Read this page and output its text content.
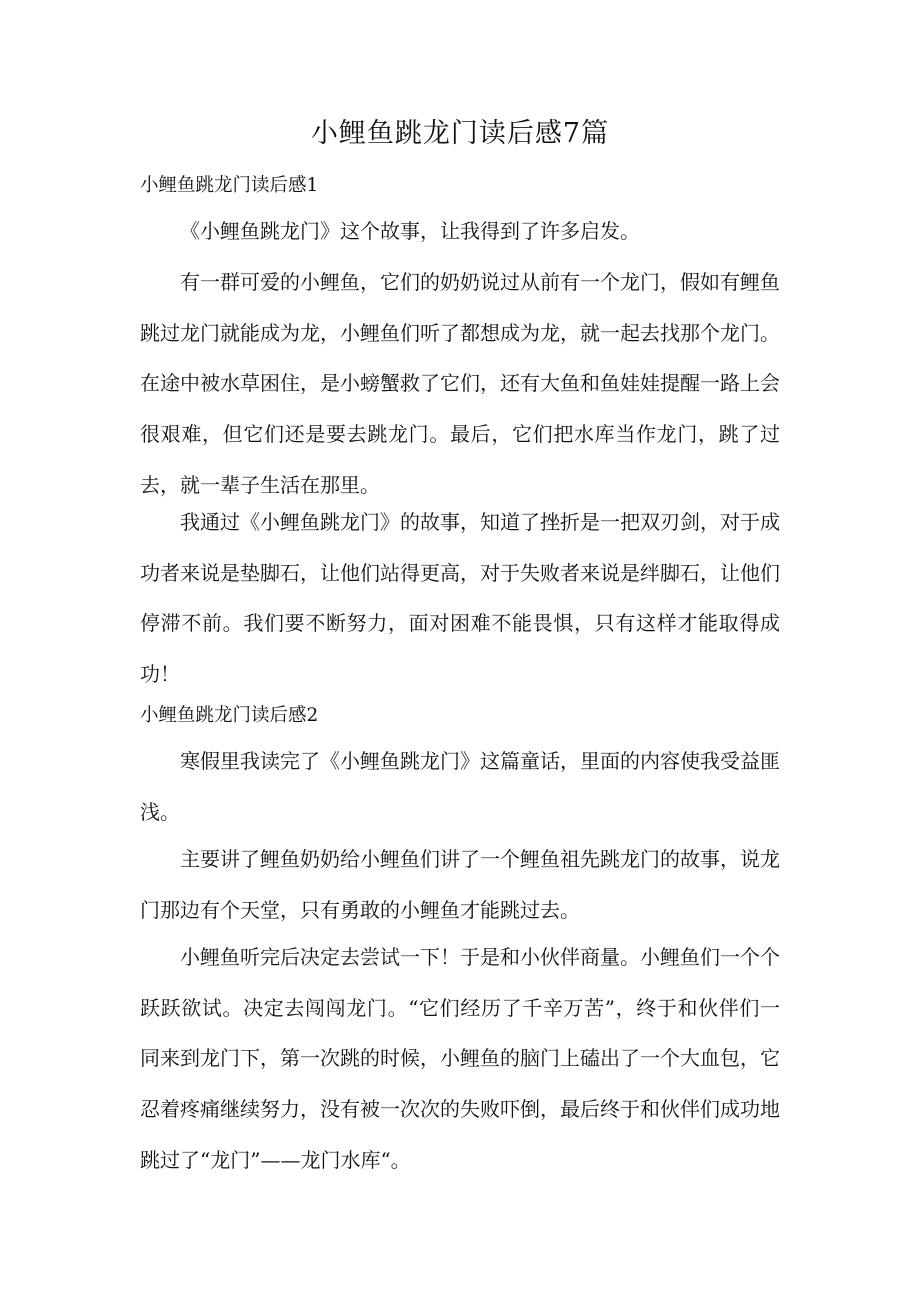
小鲤鱼跳龙门读后感7篇
小鲤鱼跳龙门读后感1

《小鲤鱼跳龙门》这个故事，让我得到了许多启发。

有一群可爱的小鲤鱼，它们的奶奶说过从前有一个龙门，假如有鲤鱼跳过龙门就能成为龙，小鲤鱼们听了都想成为龙，就一起去找那个龙门。在途中被水草困住，是小螃蟹救了它们，还有大鱼和鱼娃娃提醒一路上会很艰难，但它们还是要去跳龙门。最后，它们把水库当作龙门，跳了过去，就一辈子生活在那里。

我通过《小鲤鱼跳龙门》的故事，知道了挫折是一把双刃剑，对于成功者来说是垫脚石，让他们站得更高，对于失败者来说是绊脚石，让他们停滞不前。我们要不断努力，面对困难不能畏惧，只有这样才能取得成功！

小鲤鱼跳龙门读后感2

寒假里我读完了《小鲤鱼跳龙门》这篇童话，里面的内容使我受益匪浅。

主要讲了鲤鱼奶奶给小鲤鱼们讲了一个鲤鱼祖先跳龙门的故事，说龙门那边有个天堂，只有勇敢的小鲤鱼才能跳过去。

小鲤鱼听完后决定去尝试一下！于是和小伙伴商量。小鲤鱼们一个个跃跃欲试。决定去闯闯龙门。“它们经历了千辛万苦”，终于和伙伴们一同来到龙门下，第一次跳的时候，小鲤鱼的脑门上磕出了一个大血包，它忍着疼痛继续努力，没有被一次次的失败吓倒，最后终于和伙伴们成功地跳过了“龙门”——龙门水库“。
